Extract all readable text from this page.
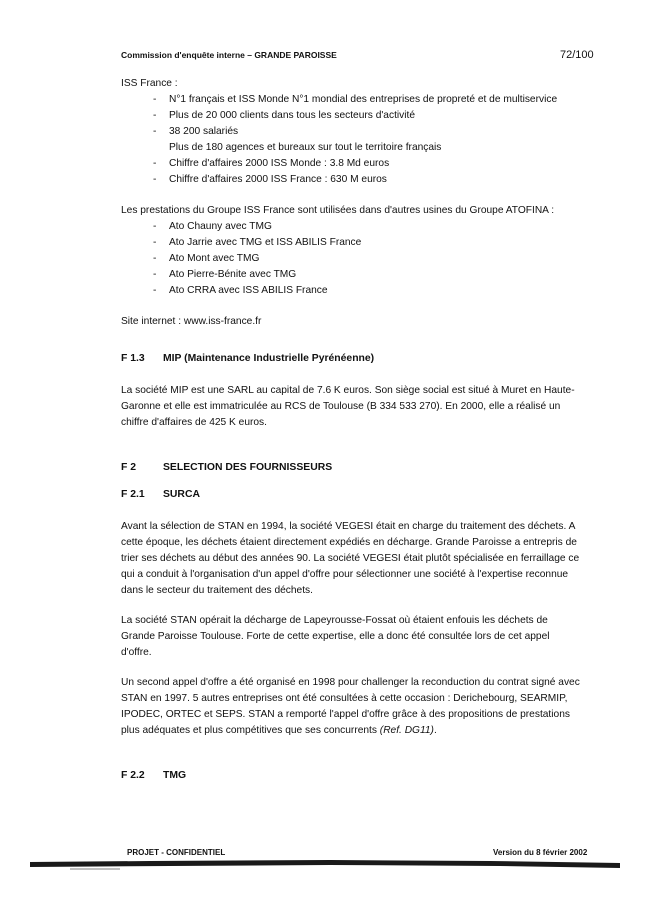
Commission d'enquête interne – GRANDE PAROISSE	72/100
ISS France :
- N°1 français et ISS Monde N°1 mondial des entreprises de propreté et de multiservice
- Plus de 20 000 clients dans tous les secteurs d'activité
- 38 200 salariés
Plus de 180 agences et bureaux sur tout le territoire français
- Chiffre d'affaires 2000 ISS Monde : 3.8 Md euros
- Chiffre d'affaires 2000 ISS France : 630 M euros
Les prestations du Groupe ISS France sont utilisées dans d'autres usines du Groupe ATOFINA :
- Ato Chauny avec TMG
- Ato Jarrie avec TMG et ISS ABILIS France
- Ato Mont avec TMG
- Ato Pierre-Bénite avec TMG
- Ato CRRA avec ISS ABILIS France
Site internet : www.iss-france.fr
F 1.3 MIP (Maintenance Industrielle Pyrénéenne)
La société MIP est une SARL au capital de 7.6 K euros. Son siège social est situé à Muret en Haute-
Garonne et elle est immatriculée au RCS de Toulouse (B 334 533 270). En 2000, elle a réalisé un
chiffre d'affaires de 425 K euros.
F 2	SELECTION DES FOURNISSEURS
F 2.1 SURCA
Avant la sélection de STAN en 1994, la société VEGESI était en charge du traitement des déchets. A
cette époque, les déchets étaient directement expédiés en décharge. Grande Paroisse a entrepris de
trier ses déchets au début des années 90. La société VEGESI était plutôt spécialisée en ferraillage ce
qui a conduit à l'organisation d'un appel d'offre pour sélectionner une société à l'expertise reconnue
dans le secteur du traitement des déchets.
La société STAN opérait la décharge de Lapeyrousse-Fossat où étaient enfouis les déchets de
Grande Paroisse Toulouse. Forte de cette expertise, elle a donc été consultée lors de cet appel
d'offre.
Un second appel d'offre a été organisé en 1998 pour challenger la reconduction du contrat signé avec
STAN en 1997. 5 autres entreprises ont été consultées à cette occasion : Derichebourg, SEARMIP,
IPODEC, ORTEC et SEPS. STAN a remporté l'appel d'offre grâce à des propositions de prestations
plus adéquates et plus compétitives que ses concurrents (Ref. DG11).
F 2.2 TMG
PROJET - CONFIDENTIEL	Version du 8 février 2002
